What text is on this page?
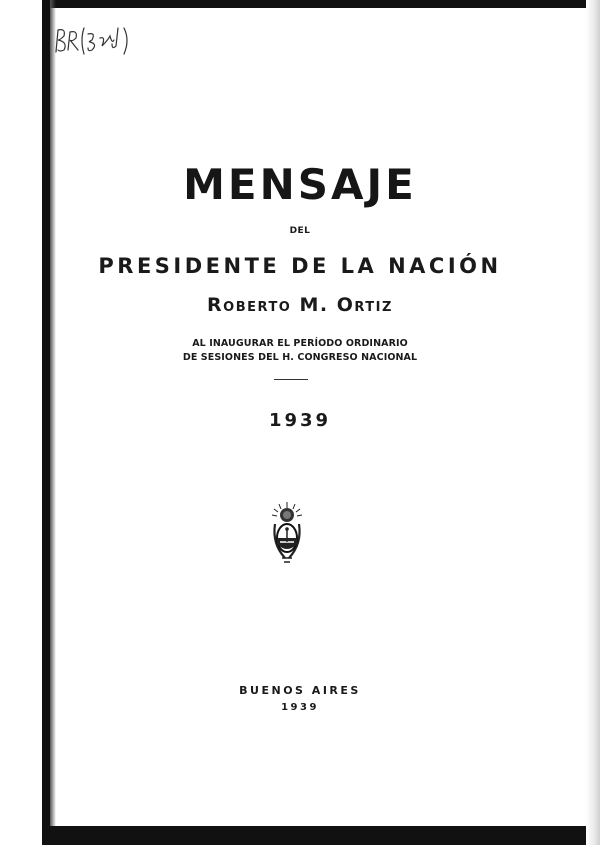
MENSAJE
DEL
PRESIDENTE DE LA NACIÓN
Roberto M. Ortiz
AL INAUGURAR EL PERÍODO ORDINARIO
DE SESIONES DEL H. CONGRESO NACIONAL
1939
BUENOS AIRES
1939
